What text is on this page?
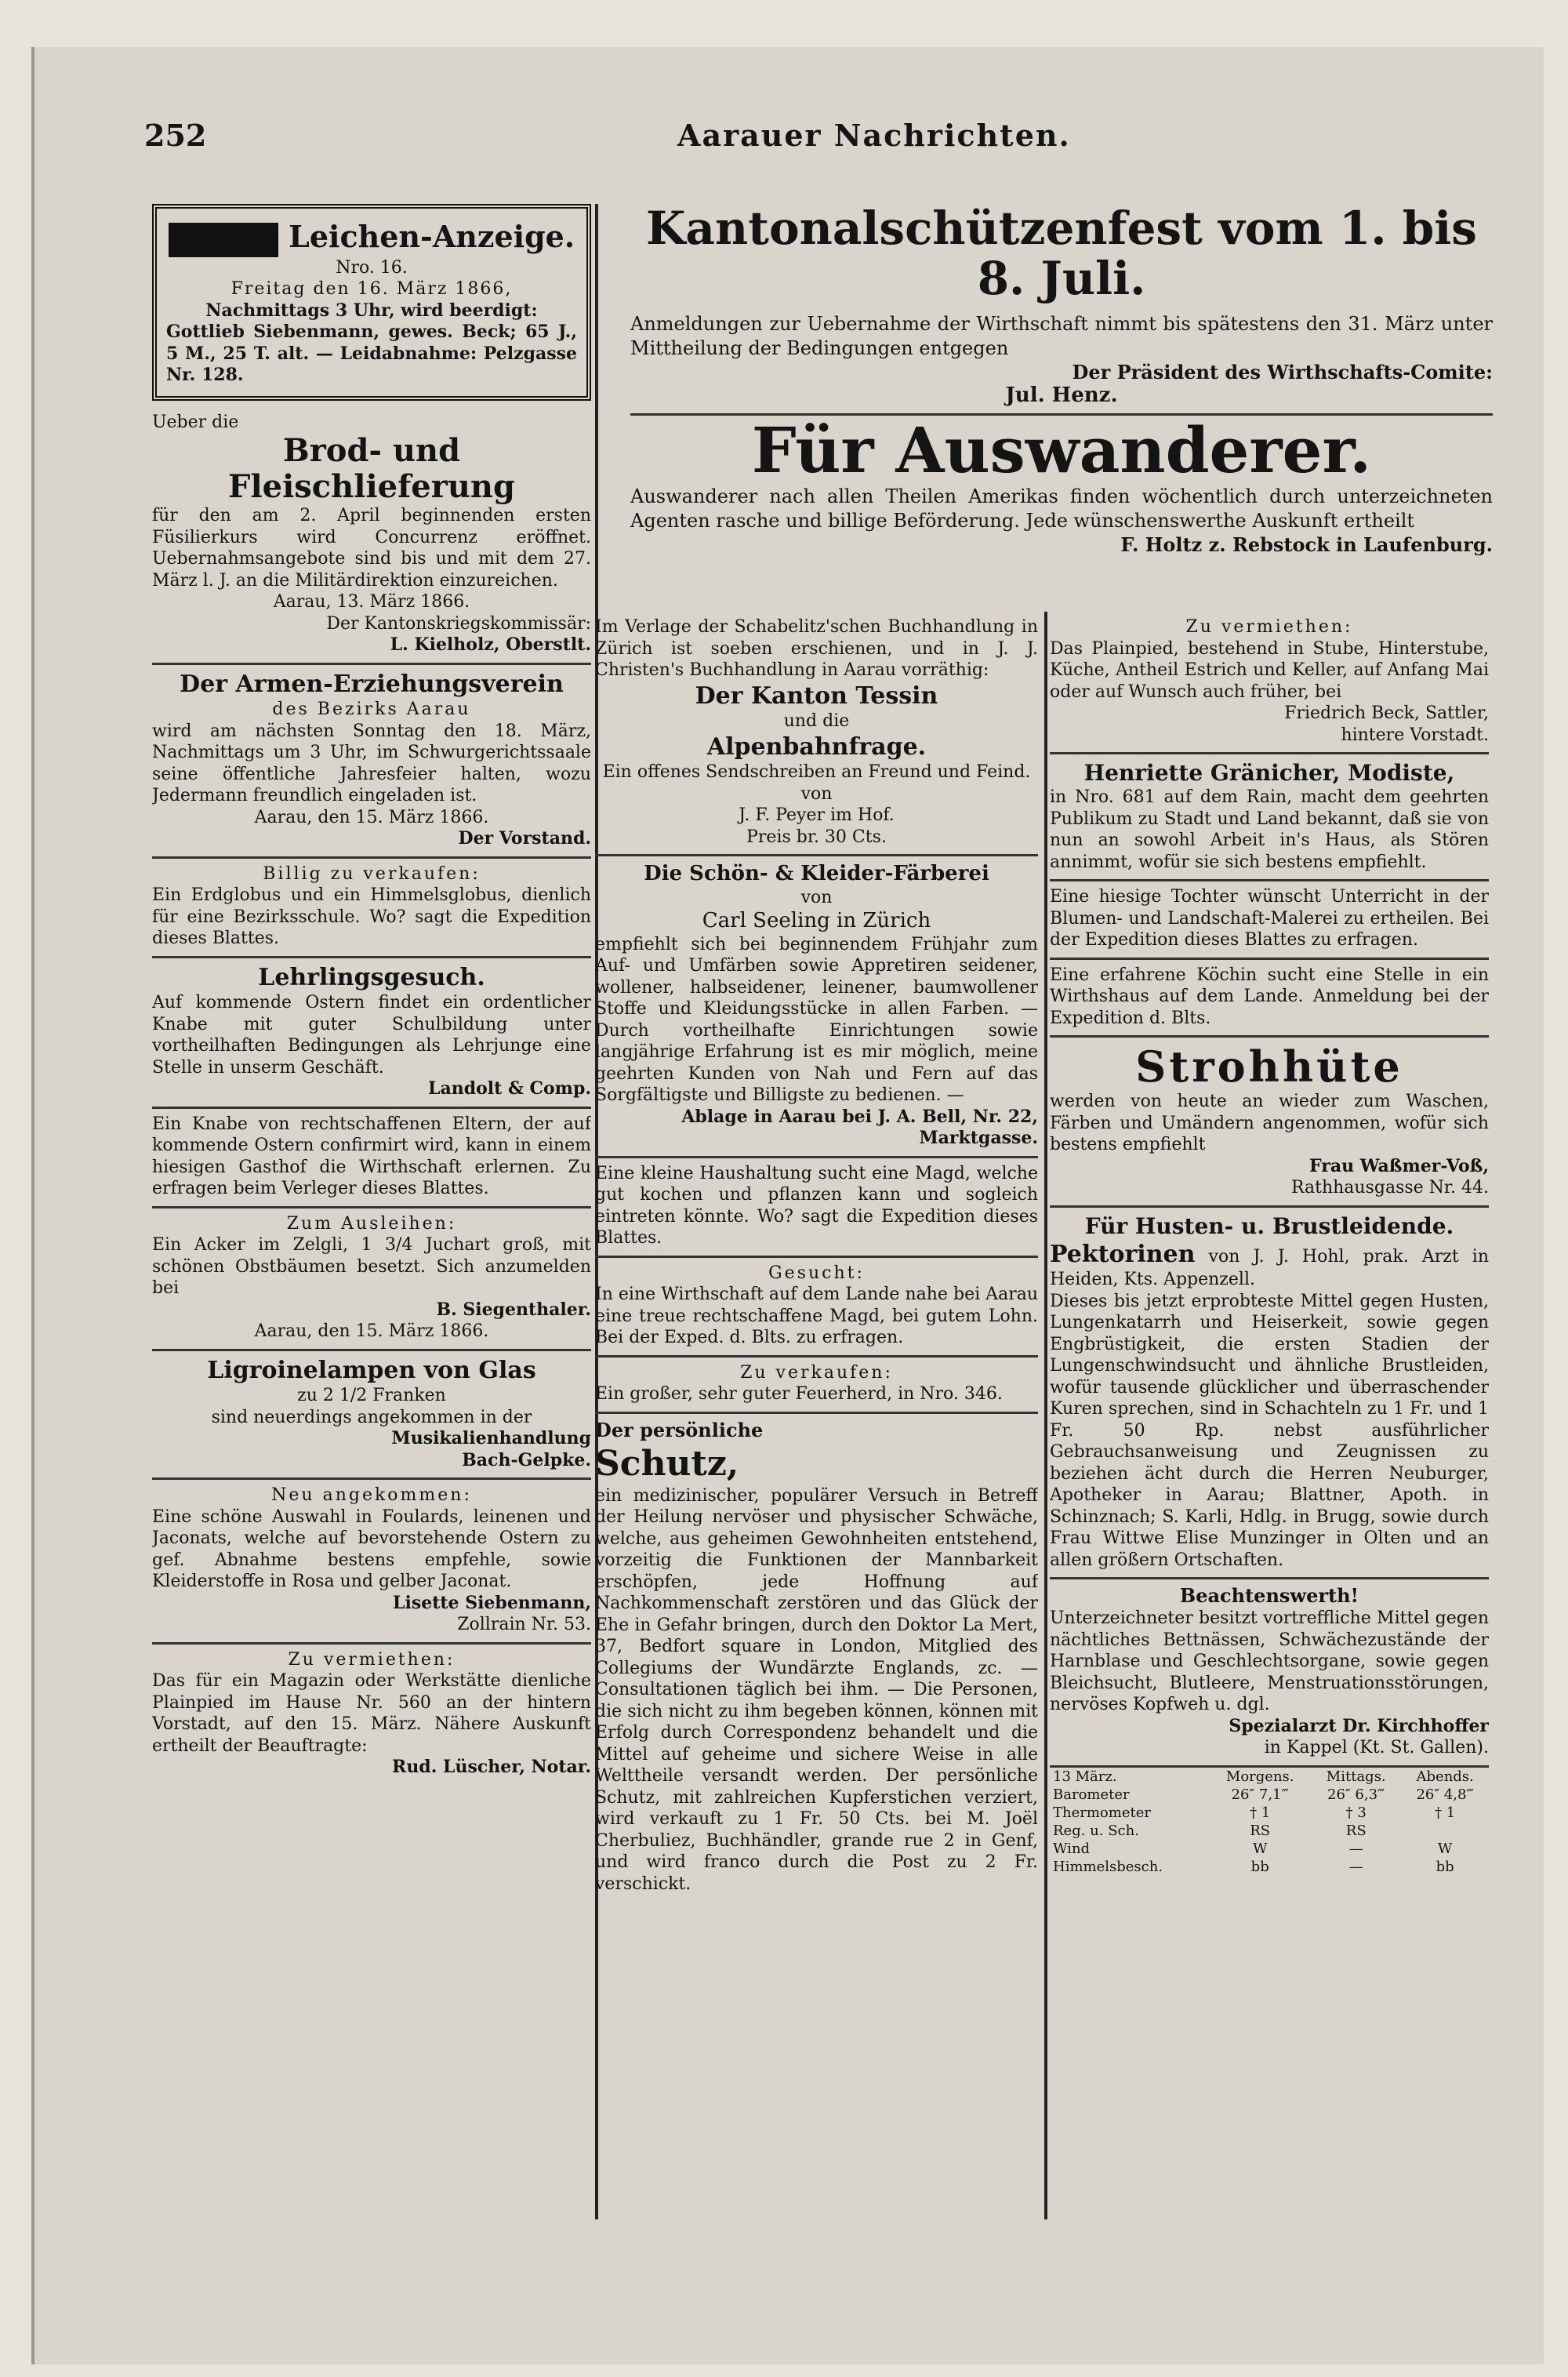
252	Aarauer Nachrichten.

Leichen-Anzeige.

Nro. 16.

Freitag den 16. März 1866,

Nachmittags 3 Uhr, wird beerdigt:

Gottlieb Siebenmann, gewes. Beck; 65 J., 5 M., 25 T. alt. — Leidabnahme: Pelzgasse Nr. 128.

Ueber die

Brod- und Fleischlieferung

für den am 2. April beginnenden ersten Füsilierkurs wird Concurrenz eröffnet. Uebernahmsangebote sind bis und mit dem 27. März l. J. an die Militärdirektion einzureichen.

Aarau, 13. März 1866.

Der Kantonskriegskommissär:

L. Kielholz, Oberstlt.

Der Armen-Erziehungsverein

des Bezirks Aarau

wird am nächsten Sonntag den 18. März, Nachmittags um 3 Uhr, im Schwurgerichtssaale seine öffentliche Jahresfeier halten, wozu Jedermann freundlich eingeladen ist.

Aarau, den 15. März 1866.

Der Vorstand.

Billig zu verkaufen:

Ein Erdglobus und ein Himmelsglobus, dienlich für eine Bezirksschule. Wo? sagt die Expedition dieses Blattes.

Lehrlingsgesuch.

Auf kommende Ostern findet ein ordentlicher Knabe mit guter Schulbildung unter vortheilhaften Bedingungen als Lehrjunge eine Stelle in unserm Geschäft.

Landolt & Comp.

Ein Knabe von rechtschaffenen Eltern, der auf kommende Ostern confirmirt wird, kann in einem hiesigen Gasthof die Wirthschaft erlernen. Zu erfragen beim Verleger dieses Blattes.

Zum Ausleihen:

Ein Acker im Zelgli, 1 3/4 Juchart groß, mit schönen Obstbäumen besetzt. Sich anzumelden bei

B. Siegenthaler.

Aarau, den 15. März 1866.

Ligroinelampen von Glas

zu 2 1/2 Franken

sind neuerdings angekommen in der

Musikalienhandlung

Bach-Gelpke.

Neu angekommen:

Eine schöne Auswahl in Foulards, leinenen und Jaconats, welche auf bevorstehende Ostern zu gef. Abnahme bestens empfehle, sowie Kleiderstoffe in Rosa und gelber Jaconat.

Lisette Siebenmann,

Zollrain Nr. 53.

Zu vermiethen:

Das für ein Magazin oder Werkstätte dienliche Plainpied im Hause Nr. 560 an der hintern Vorstadt, auf den 15. März. Nähere Auskunft ertheilt der Beauftragte:

Rud. Lüscher, Notar.

Kantonalschützenfest vom 1. bis 8. Juli.

Anmeldungen zur Uebernahme der Wirthschaft nimmt bis spätestens den 31. März unter Mittheilung der Bedingungen entgegen

Der Präsident des Wirthschafts-Comite:

Jul. Henz.

Für Auswanderer.

Auswanderer nach allen Theilen Amerikas finden wöchentlich durch unterzeichneten Agenten rasche und billige Beförderung. Jede wünschenswerthe Auskunft ertheilt

F. Holtz z. Rebstock in Laufenburg.

Im Verlage der Schabelitz'schen Buchhandlung in Zürich ist soeben erschienen, und in J. J. Christen's Buchhandlung in Aarau vorräthig:

Der Kanton Tessin

und die

Alpenbahnfrage.

Ein offenes Sendschreiben an Freund und Feind.

von

J. F. Peyer im Hof.

Preis br. 30 Cts.

Die Schön- & Kleider-Färberei

von

Carl Seeling in Zürich

empfiehlt sich bei beginnendem Frühjahr zum Auf- und Umfärben sowie Appretiren seidener, wollener, halbseidener, leinener, baumwollener Stoffe und Kleidungsstücke in allen Farben. — Durch vortheilhafte Einrichtungen sowie langjährige Erfahrung ist es mir möglich, meine geehrten Kunden von Nah und Fern auf das Sorgfältigste und Billigste zu bedienen. —

Ablage in Aarau bei J. A. Bell, Nr. 22, Marktgasse.

Eine kleine Haushaltung sucht eine Magd, welche gut kochen und pflanzen kann und sogleich eintreten könnte. Wo? sagt die Expedition dieses Blattes.

Gesucht:

In eine Wirthschaft auf dem Lande nahe bei Aarau eine treue rechtschaffene Magd, bei gutem Lohn. Bei der Exped. d. Blts. zu erfragen.

Zu verkaufen:

Ein großer, sehr guter Feuerherd, in Nro. 346.

Der persönliche

Schutz,

ein medizinischer, populärer Versuch in Betreff der Heilung nervöser und physischer Schwäche, welche, aus geheimen Gewohnheiten entstehend, vorzeitig die Funktionen der Mannbarkeit erschöpfen, jede Hoffnung auf Nachkommenschaft zerstören und das Glück der Ehe in Gefahr bringen, durch den Doktor La Mert, 37, Bedfort square in London, Mitglied des Collegiums der Wundärzte Englands, zc. — Consultationen täglich bei ihm. — Die Personen, die sich nicht zu ihm begeben können, können mit Erfolg durch Correspondenz behandelt und die Mittel auf geheime und sichere Weise in alle Welttheile versandt werden. Der persönliche Schutz, mit zahlreichen Kupferstichen verziert, wird verkauft zu 1 Fr. 50 Cts. bei M. Joël Cherbuliez, Buchhändler, grande rue 2 in Genf, und wird franco durch die Post zu 2 Fr. verschickt.

Zu vermiethen:

Das Plainpied, bestehend in Stube, Hinterstube, Küche, Antheil Estrich und Keller, auf Anfang Mai oder auf Wunsch auch früher, bei

Friedrich Beck, Sattler,

hintere Vorstadt.

Henriette Gränicher, Modiste,

in Nro. 681 auf dem Rain, macht dem geehrten Publikum zu Stadt und Land bekannt, daß sie von nun an sowohl Arbeit in's Haus, als Stören annimmt, wofür sie sich bestens empfiehlt.

Eine hiesige Tochter wünscht Unterricht in der Blumen- und Landschaft-Malerei zu ertheilen. Bei der Expedition dieses Blattes zu erfragen.

Eine erfahrene Köchin sucht eine Stelle in ein Wirthshaus auf dem Lande. Anmeldung bei der Expedition d. Blts.

Strohhüte

werden von heute an wieder zum Waschen, Färben und Umändern angenommen, wofür sich bestens empfiehlt

Frau Waßmer-Voß,

Rathhausgasse Nr. 44.

Für Husten- u. Brustleidende.

Pektorinen von J. J. Hohl, prak. Arzt in Heiden, Kts. Appenzell.

Dieses bis jetzt erprobteste Mittel gegen Husten, Lungenkatarrh und Heiserkeit, sowie gegen Engbrüstigkeit, die ersten Stadien der Lungenschwindsucht und ähnliche Brustleiden, wofür tausende glücklicher und überraschender Kuren sprechen, sind in Schachteln zu 1 Fr. und 1 Fr. 50 Rp. nebst ausführlicher Gebrauchsanweisung und Zeugnissen zu beziehen ächt durch die Herren Neuburger, Apotheker in Aarau; Blattner, Apoth. in Schinznach; S. Karli, Hdlg. in Brugg, sowie durch Frau Wittwe Elise Munzinger in Olten und an allen größern Ortschaften.

Beachtenswerth!

Unterzeichneter besitzt vortreffliche Mittel gegen nächtliches Bettnässen, Schwächezustände der Harnblase und Geschlechtsorgane, sowie gegen Bleichsucht, Blutleere, Menstruationsstörungen, nervöses Kopfweh u. dgl.

Spezialarzt Dr. Kirchhoffer

in Kappel (Kt. St. Gallen).

13 März.	Morgens.	Mittags.	Abends.
Barometer	26″ 7,1‴	26″ 6,3‴	26″ 4,8‴
Thermometer	† 1	† 3	† 1
Reg. u. Sch.	RS	RS	
Wind	W	—	W
Himmelsbesch.	bb	—	bb
